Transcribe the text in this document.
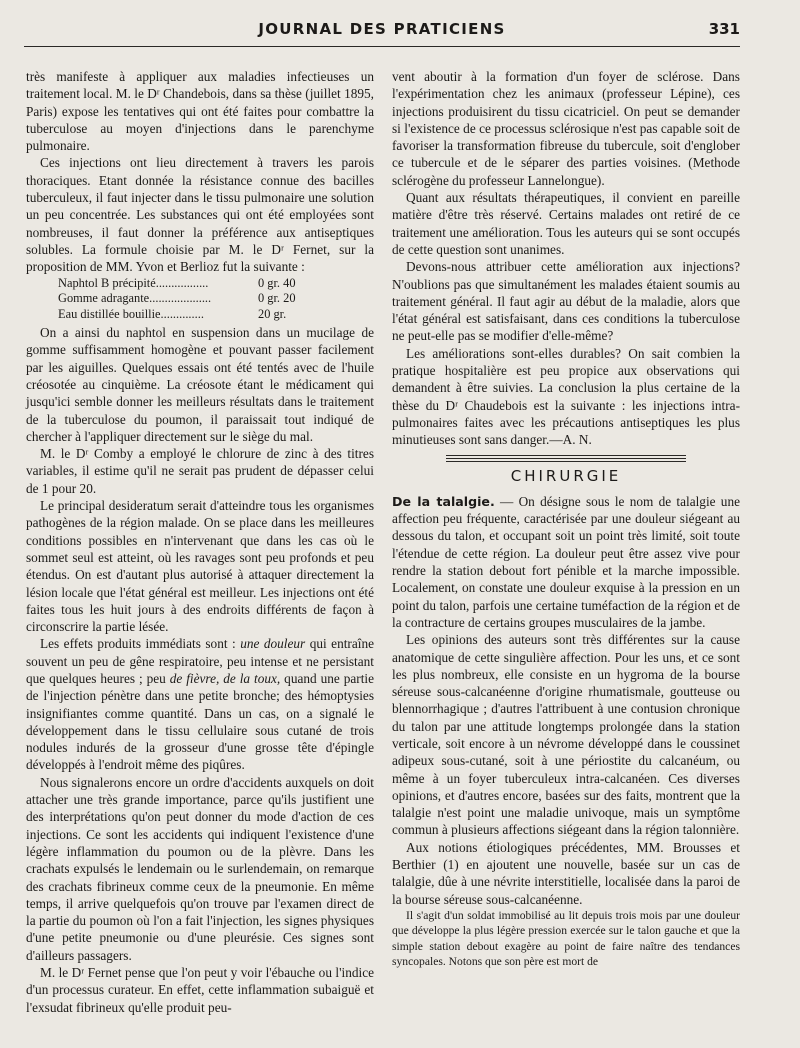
JOURNAL DES PRATICIENS	331

très manifeste à appliquer aux maladies infectieuses un traitement local. M. le Dʳ Chandebois, dans sa thèse (juillet 1895, Paris) expose les tentatives qui ont été faites pour combattre la tuberculose au moyen d'injections dans le parenchyme pulmonaire.

Ces injections ont lieu directement à travers les parois thoraciques. Etant donnée la résistance connue des bacilles tuberculeux, il faut injecter dans le tissu pulmonaire une solution un peu concentrée. Les substances qui ont été employées sont nombreuses, il faut donner la préférence aux antiseptiques solubles. La formule choisie par M. le Dʳ Fernet, sur la proposition de MM. Yvon et Berlioz fut la suivante :

Naphtol B précipité.................	0 gr. 40
Gomme adragante....................	0 gr. 20
Eau distillée bouillie..............	20 gr.

On a ainsi du naphtol en suspension dans un mucilage de gomme suffisamment homogène et pouvant passer facilement par les aiguilles. Quelques essais ont été tentés avec de l'huile créosotée au cinquième. La créosote étant le médicament qui jusqu'ici semble donner les meilleurs résultats dans le traitement de la tuberculose du poumon, il paraissait tout indiqué de chercher à l'appliquer directement sur le siège du mal.

M. le Dʳ Comby a employé le chlorure de zinc à des titres variables, il estime qu'il ne serait pas prudent de dépasser celui de 1 pour 20.

Le principal desideratum serait d'atteindre tous les organismes pathogènes de la région malade. On se place dans les meilleures conditions possibles en n'intervenant que dans les cas où le sommet seul est atteint, où les ravages sont peu profonds et peu étendus. On est d'autant plus autorisé à attaquer directement la lésion locale que l'état général est meilleur. Les injections ont été faites tous les huit jours à des endroits différents de façon à circonscrire la partie lésée.

Les effets produits immédiats sont : une douleur qui entraîne souvent un peu de gêne respiratoire, peu intense et ne persistant que quelques heures ; peu de fièvre, de la toux, quand une partie de l'injection pénètre dans une petite bronche; des hémoptysies insignifiantes comme quantité. Dans un cas, on a signalé le développement dans le tissu cellulaire sous cutané de trois nodules indurés de la grosseur d'une grosse tête d'épingle développés à l'endroit même des piqûres.

Nous signalerons encore un ordre d'accidents auxquels on doit attacher une très grande importance, parce qu'ils justifient une des interprétations qu'on peut donner du mode d'action de ces injections. Ce sont les accidents qui indiquent l'existence d'une légère inflammation du poumon ou de la plèvre. Dans les crachats expulsés le lendemain ou le surlendemain, on remarque des crachats fibrineux comme ceux de la pneumonie. En même temps, il arrive quelquefois qu'on trouve par l'examen direct de la partie du poumon où l'on a fait l'injection, les signes physiques d'une petite pneumonie ou d'une pleurésie. Ces signes sont d'ailleurs passagers.

M. le Dʳ Fernet pense que l'on peut y voir l'ébauche ou l'indice d'un processus curateur. En effet, cette inflammation subaiguë et l'exsudat fibrineux qu'elle produit peu-

vent aboutir à la formation d'un foyer de sclérose. Dans l'expérimentation chez les animaux (professeur Lépine), ces injections produisirent du tissu cicatriciel. On peut se demander si l'existence de ce processus sclérosique n'est pas capable soit de favoriser la transformation fibreuse du tubercule, soit d'englober ce tubercule et de le séparer des parties voisines. (Methode sclérogène du professeur Lannelongue).

Quant aux résultats thérapeutiques, il convient en pareille matière d'être très réservé. Certains malades ont retiré de ce traitement une amélioration. Tous les auteurs qui se sont occupés de cette question sont unanimes.

Devons-nous attribuer cette amélioration aux injections? N'oublions pas que simultanément les malades étaient soumis au traitement général. Il faut agir au début de la maladie, alors que l'état général est satisfaisant, dans ces conditions la tuberculose ne peut-elle pas se modifier d'elle-même?

Les améliorations sont-elles durables? On sait combien la pratique hospitalière est peu propice aux observations qui demandent à être suivies. La conclusion la plus certaine de la thèse du Dʳ Chaudebois est la suivante : les injections intra-pulmonaires faites avec les précautions antiseptiques les plus minutieuses sont sans danger.—A. N.

CHIRURGIE

De la talalgie. — On désigne sous le nom de talalgie une affection peu fréquente, caractérisée par une douleur siégeant au dessous du talon, et occupant soit un point très limité, soit toute l'étendue de cette région. La douleur peut être assez vive pour rendre la station debout fort pénible et la marche impossible. Localement, on constate une douleur exquise à la pression en un point du talon, parfois une certaine tuméfaction de la région et de la contracture de certains groupes musculaires de la jambe.

Les opinions des auteurs sont très différentes sur la cause anatomique de cette singulière affection. Pour les uns, et ce sont les plus nombreux, elle consiste en un hygroma de la bourse séreuse sous-calcanéenne d'origine rhumatismale, goutteuse ou blennorrhagique ; d'autres l'attribuent à une contusion chronique du talon par une attitude longtemps prolongée dans la station verticale, soit encore à un névrome développé dans le coussinet adipeux sous-cutané, soit à une périostite du calcanéum, ou même à un foyer tuberculeux intra-calcanéen. Ces diverses opinions, et d'autres encore, basées sur des faits, montrent que la talalgie n'est point une maladie univoque, mais un symptôme commun à plusieurs affections siégeant dans la région talonnière.

Aux notions étiologiques précédentes, MM. Brousses et Berthier (1) en ajoutent une nouvelle, basée sur un cas de talalgie, dûe à une névrite interstitielle, localisée dans la paroi de la bourse séreuse sous-calcanéenne.

Il s'agit d'un soldat immobilisé au lit depuis trois mois par une douleur que développe la plus légère pression exercée sur le talon gauche et que la simple station debout exagère au point de faire naître des tendances syncopales. Notons que son père est mort de
